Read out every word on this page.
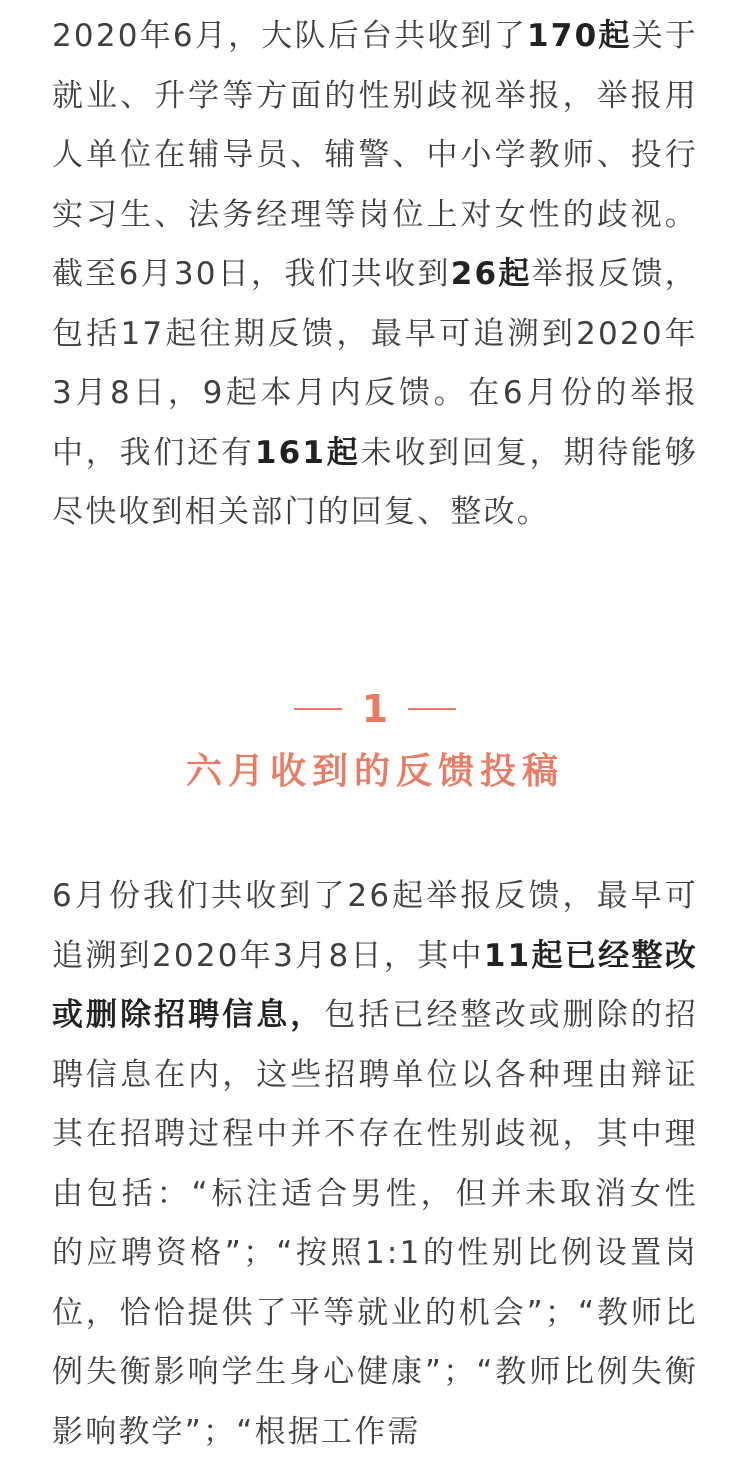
2020年6月，大队后台共收到了170起关于就业、升学等方面的性别歧视举报，举报用人单位在辅导员、辅警、中小学教师、投行实习生、法务经理等岗位上对女性的歧视。截至6月30日，我们共收到26起举报反馈，包括17起往期反馈，最早可追溯到2020年3月8日，9起本月内反馈。在6月份的举报中，我们还有161起未收到回复，期待能够尽快收到相关部门的回复、整改。

1
六月收到的反馈投稿

6月份我们共收到了26起举报反馈，最早可追溯到2020年3月8日，其中11起已经整改或删除招聘信息，包括已经整改或删除的招聘信息在内，这些招聘单位以各种理由辩证其在招聘过程中并不存在性别歧视，其中理由包括：“标注适合男性，但并未取消女性的应聘资格”；“按照1:1的性别比例设置岗位，恰恰提供了平等就业的机会”；“教师比例失衡影响学生身心健康”；“教师比例失衡影响教学”；“根据工作需
